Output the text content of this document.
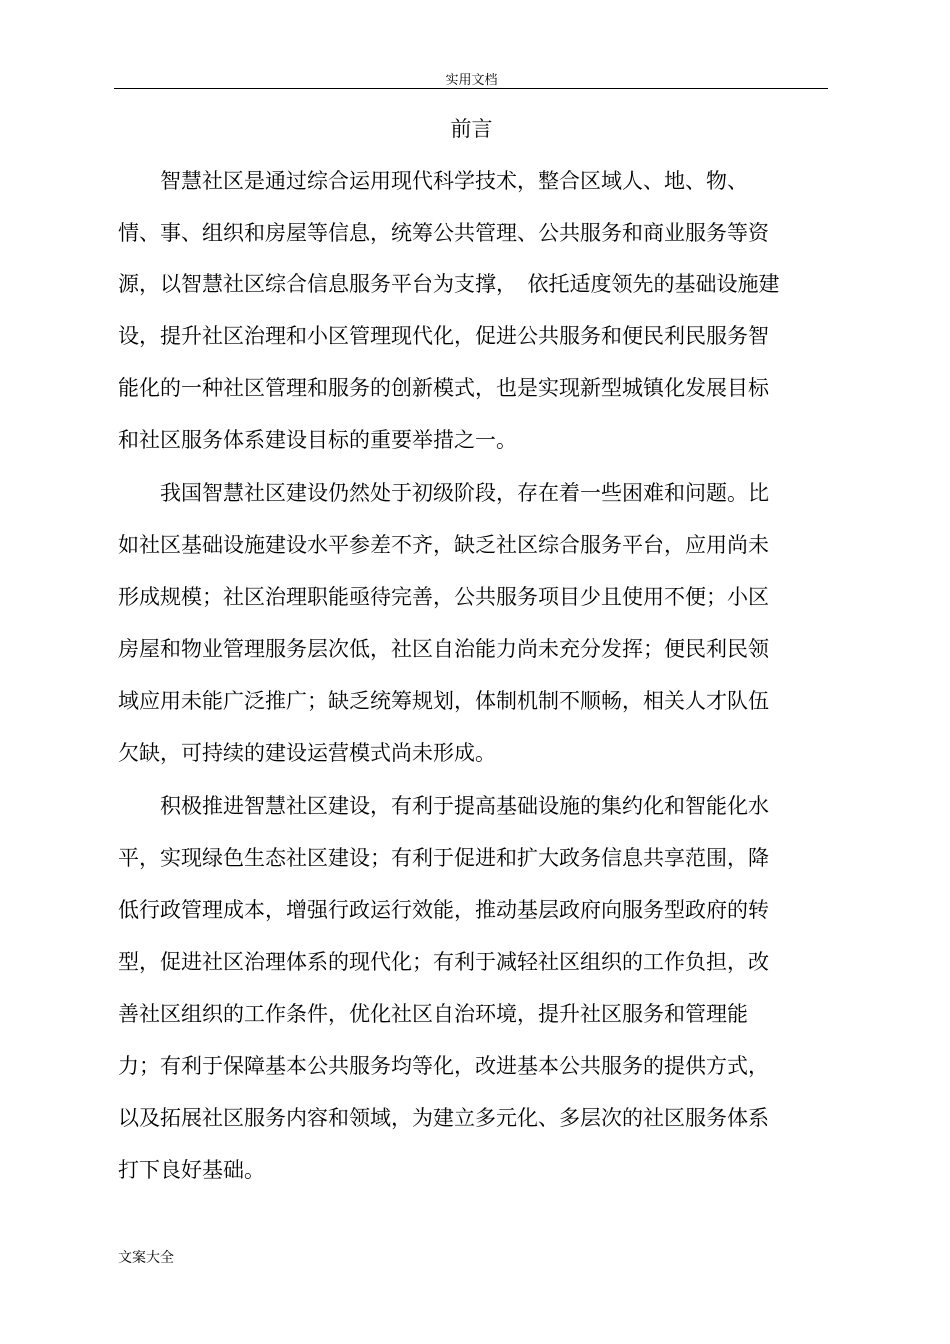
实用文档
前言
　　智慧社区是通过综合运用现代科学技术，整合区域人、地、物、
情、事、组织和房屋等信息，统筹公共管理、公共服务和商业服务等资
源，以智慧社区综合信息服务平台为支撑，　依托适度领先的基础设施建
设，提升社区治理和小区管理现代化，促进公共服务和便民利民服务智
能化的一种社区管理和服务的创新模式，也是实现新型城镇化发展目标
和社区服务体系建设目标的重要举措之一。
　　我国智慧社区建设仍然处于初级阶段，存在着一些困难和问题。比
如社区基础设施建设水平参差不齐，缺乏社区综合服务平台，应用尚未
形成规模；社区治理职能亟待完善，公共服务项目少且使用不便；小区
房屋和物业管理服务层次低，社区自治能力尚未充分发挥；便民利民领
域应用未能广泛推广；缺乏统筹规划，体制机制不顺畅，相关人才队伍
欠缺，可持续的建设运营模式尚未形成。
　　积极推进智慧社区建设，有利于提高基础设施的集约化和智能化水
平，实现绿色生态社区建设；有利于促进和扩大政务信息共享范围，降
低行政管理成本，增强行政运行效能，推动基层政府向服务型政府的转
型，促进社区治理体系的现代化；有利于减轻社区组织的工作负担，改
善社区组织的工作条件，优化社区自治环境，提升社区服务和管理能
力；有利于保障基本公共服务均等化，改进基本公共服务的提供方式，
以及拓展社区服务内容和领域，为建立多元化、多层次的社区服务体系
打下良好基础。
文案大全
